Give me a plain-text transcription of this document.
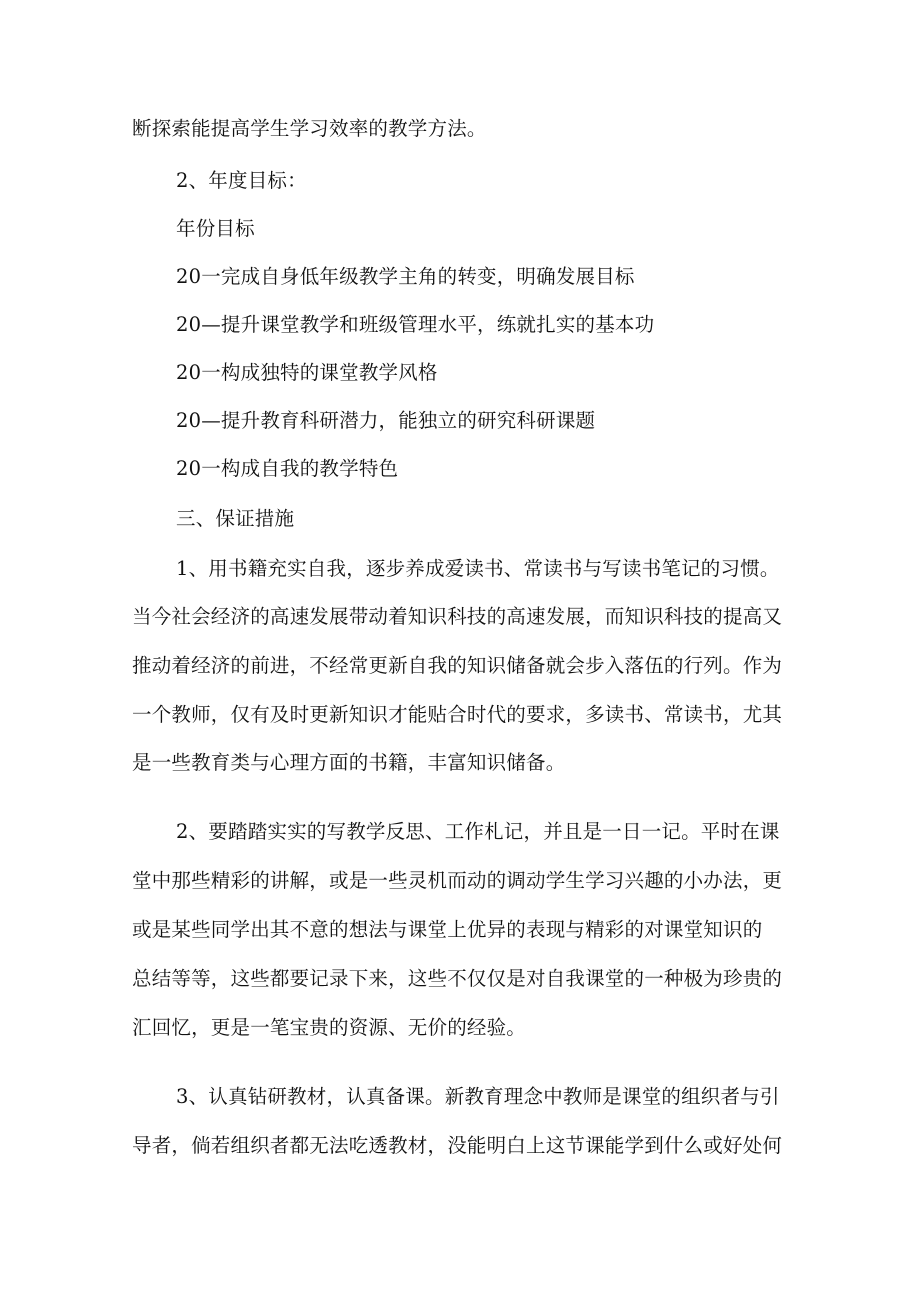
断探索能提高学生学习效率的教学方法。
2、年度目标：
年份目标
20一完成自身低年级教学主角的转变，明确发展目标
20—提升课堂教学和班级管理水平，练就扎实的基本功
20一构成独特的课堂教学风格
20—提升教育科研潜力，能独立的研究科研课题
20一构成自我的教学特色
三、保证措施
1、用书籍充实自我，逐步养成爱读书、常读书与写读书笔记的习惯。
当今社会经济的高速发展带动着知识科技的高速发展，而知识科技的提高又
推动着经济的前进，不经常更新自我的知识储备就会步入落伍的行列。作为
一个教师，仅有及时更新知识才能贴合时代的要求，多读书、常读书，尤其
是一些教育类与心理方面的书籍，丰富知识储备。
2、要踏踏实实的写教学反思、工作札记，并且是一日一记。平时在课
堂中那些精彩的讲解，或是一些灵机而动的调动学生学习兴趣的小办法，更
或是某些同学出其不意的想法与课堂上优异的表现与精彩的对课堂知识的
总结等等，这些都要记录下来，这些不仅仅是对自我课堂的一种极为珍贵的
汇回忆，更是一笔宝贵的资源、无价的经验。
3、认真钻研教材，认真备课。新教育理念中教师是课堂的组织者与引
导者，倘若组织者都无法吃透教材，没能明白上这节课能学到什么或好处何
